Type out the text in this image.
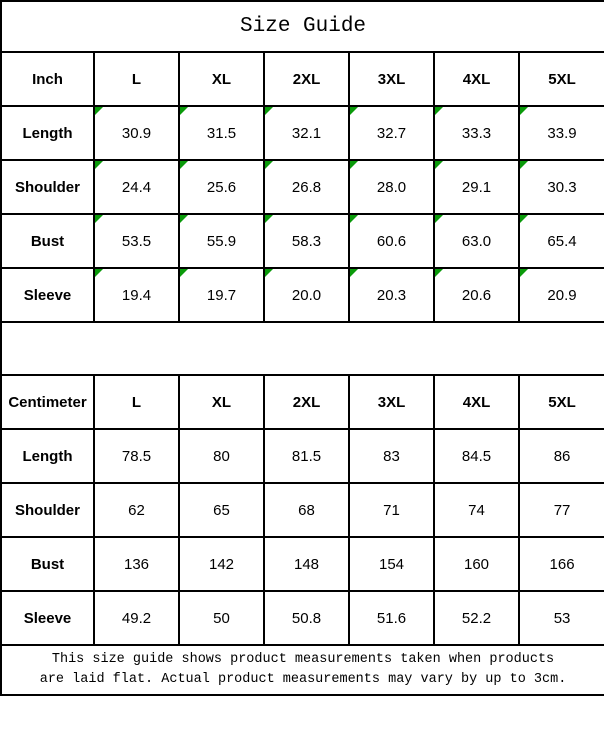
Size Guide						
Inch	L	XL	2XL	3XL	4XL	5XL
Length	30.9	31.5	32.1	32.7	33.3	33.9
Shoulder	24.4	25.6	26.8	28.0	29.1	30.3
Bust	53.5	55.9	58.3	60.6	63.0	65.4
Sleeve	19.4	19.7	20.0	20.3	20.6	20.9

Centimeter	L	XL	2XL	3XL	4XL	5XL
Length	78.5	80	81.5	83	84.5	86
Shoulder	62	65	68	71	74	77
Bust	136	142	148	154	160	166
Sleeve	49.2	50	50.8	51.6	52.2	53

This size guide shows product measurements taken when products
are laid flat. Actual product measurements may vary by up to 3cm.						
